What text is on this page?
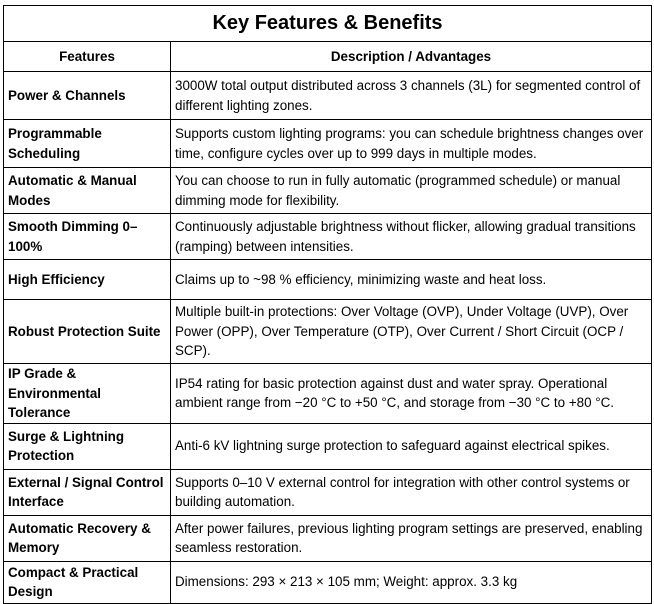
Key Features & Benefits	
Features	Description / Advantages
Power & Channels	3000W total output distributed across 3 channels (3L) for segmented control of different lighting zones.
Programmable Scheduling	Supports custom lighting programs: you can schedule brightness changes over time, configure cycles over up to 999 days in multiple modes.
Automatic & Manual Modes	You can choose to run in fully automatic (programmed schedule) or manual dimming mode for flexibility.
Smooth Dimming 0–100%	Continuously adjustable brightness without flicker, allowing gradual transitions (ramping) between intensities.
High Efficiency	Claims up to ~98 % efficiency, minimizing waste and heat loss.
Robust Protection Suite	Multiple built-in protections: Over Voltage (OVP), Under Voltage (UVP), Over Power (OPP), Over Temperature (OTP), Over Current / Short Circuit (OCP / SCP).
IP Grade & Environmental Tolerance	IP54 rating for basic protection against dust and water spray. Operational ambient range from −20 °C to +50 °C, and storage from −30 °C to +80 °C.
Surge & Lightning Protection	Anti-6 kV lightning surge protection to safeguard against electrical spikes.
External / Signal Control Interface	Supports 0–10 V external control for integration with other control systems or building automation.
Automatic Recovery & Memory	After power failures, previous lighting program settings are preserved, enabling seamless restoration.
Compact & Practical Design	Dimensions: 293 × 213 × 105 mm; Weight: approx. 3.3 kg
